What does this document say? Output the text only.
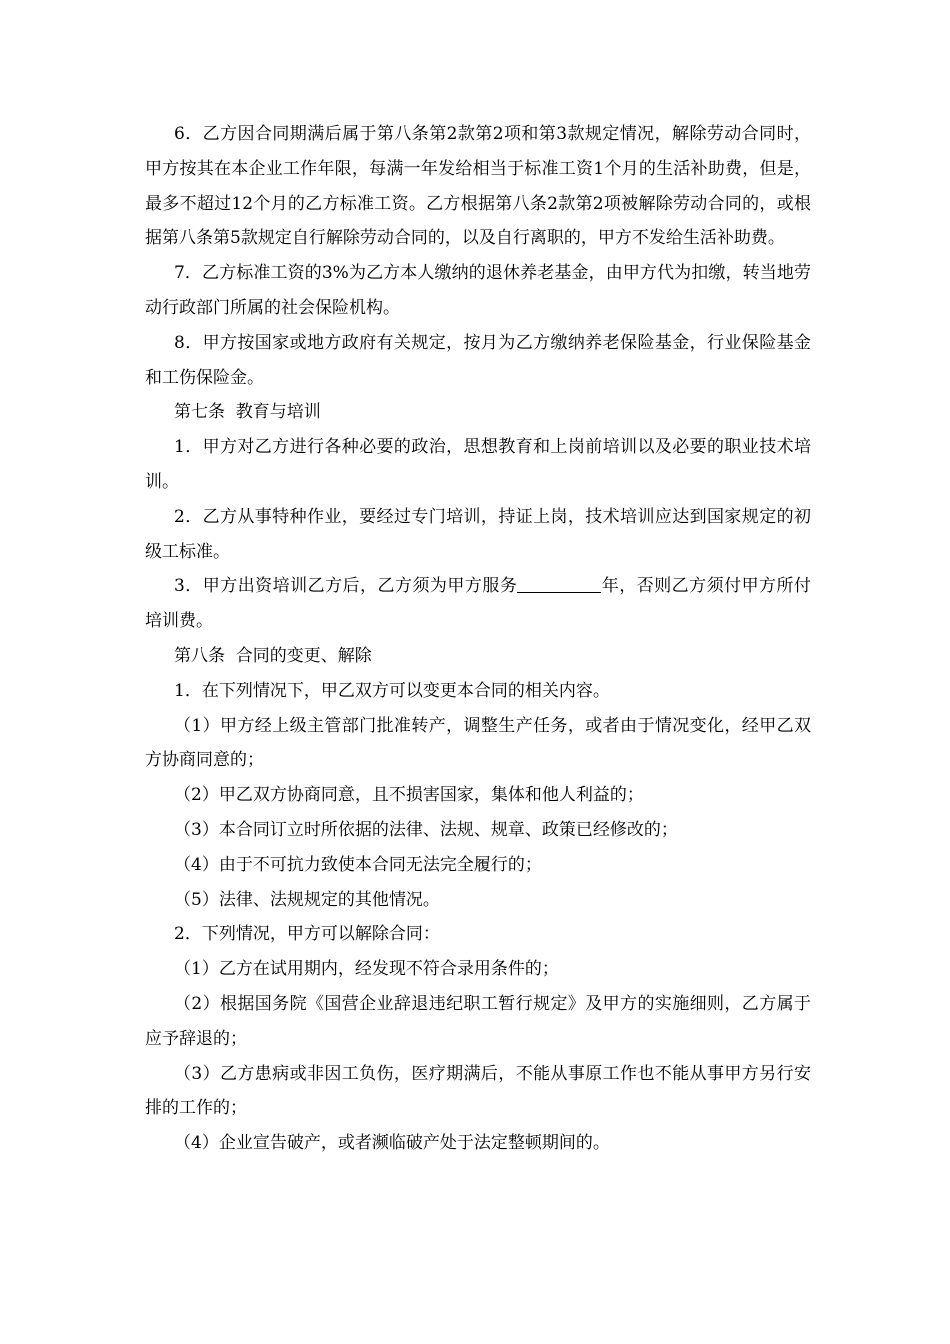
6．乙方因合同期满后属于第八条第2款第2项和第3款规定情况，解除劳动合同时，甲方按其在本企业工作年限，每满一年发给相当于标准工资1个月的生活补助费，但是，最多不超过12个月的乙方标准工资。乙方根据第八条2款第2项被解除劳动合同的，或根据第八条第5款规定自行解除劳动合同的，以及自行离职的，甲方不发给生活补助费。

7．乙方标准工资的3%为乙方本人缴纳的退休养老基金，由甲方代为扣缴，转当地劳动行政部门所属的社会保险机构。

8．甲方按国家或地方政府有关规定，按月为乙方缴纳养老保险基金，行业保险基金和工伤保险金。

第七条  教育与培训

1．甲方对乙方进行各种必要的政治，思想教育和上岗前培训以及必要的职业技术培训。

2．乙方从事特种作业，要经过专门培训，持证上岗，技术培训应达到国家规定的初级工标准。

3．甲方出资培训乙方后，乙方须为甲方服务	年，否则乙方须付甲方所付培训费。

第八条  合同的变更、解除

1．在下列情况下，甲乙双方可以变更本合同的相关内容。

（1）甲方经上级主管部门批准转产，调整生产任务，或者由于情况变化，经甲乙双方协商同意的；

（2）甲乙双方协商同意，且不损害国家，集体和他人利益的；

（3）本合同订立时所依据的法律、法规、规章、政策已经修改的；

（4）由于不可抗力致使本合同无法完全履行的；

（5）法律、法规规定的其他情况。

2．下列情况，甲方可以解除合同：

（1）乙方在试用期内，经发现不符合录用条件的；

（2）根据国务院《国营企业辞退违纪职工暂行规定》及甲方的实施细则，乙方属于应予辞退的；

（3）乙方患病或非因工负伤，医疗期满后，不能从事原工作也不能从事甲方另行安排的工作的；

（4）企业宣告破产，或者濒临破产处于法定整顿期间的。
